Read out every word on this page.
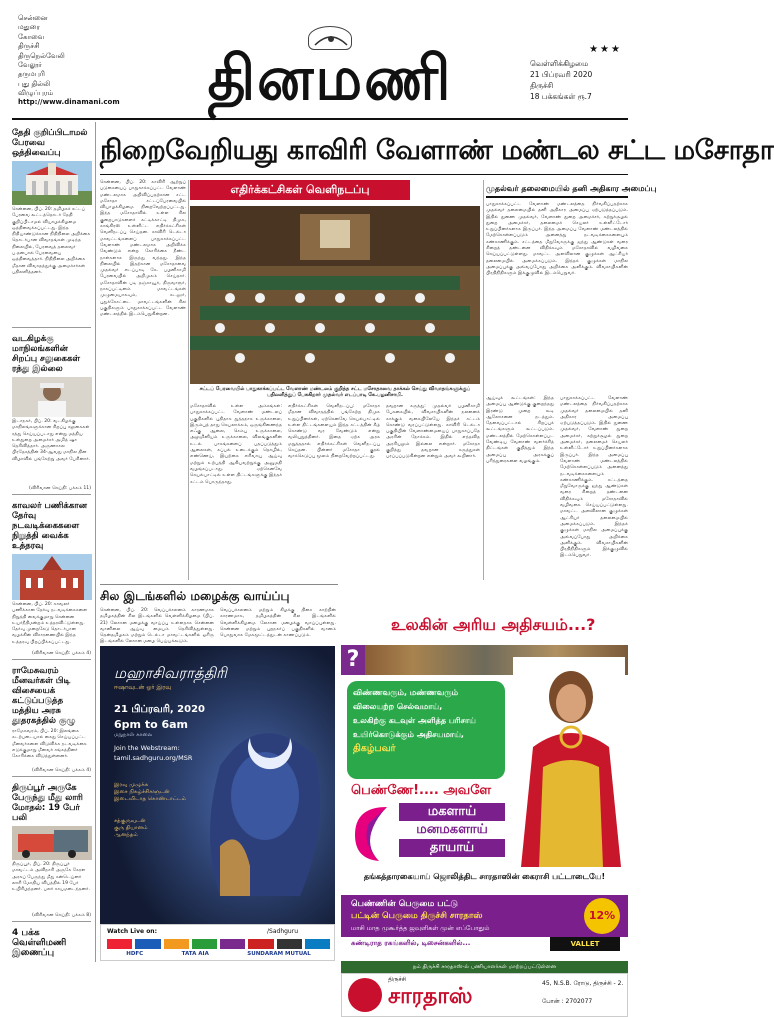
சென்னை
மதுரை
கோவை
திருச்சி
திருநெல்வேலி
வேலூர்
தருமபுரி
புது தில்லி
விழுப்புரம்
http://www.dinamani.com	தினமணி	★★★
வெள்ளிக்கிழமை
21 பிப்ரவரி 2020
திருச்சி
18 பக்கங்கள் ரூ.7
தேதி குறிப்பிடாமல் பேரவை ஒத்திவைப்பு
சென்னை, பிப். 20: தமிழகச் சட்டப் பேரவை கூட்டத்தொடர் தேதி குறிப்பிடாமல் வியாழக்கிழமை ஒத்திவைக்கப்பட்டது. இந்த நிதியாண்டுக்கான நிதிநிலை அறிக்கை தொடர்பான விவாதங்கள் முடிந்த நிலையில், பேரவைத் தலைவர் ப.தனபால் பேரவையை ஒத்திவைத்தார். நிதிநிலை அறிக்கை மீதான விவாதத்துக்கு அமைச்சர்கள் பதிலளித்தனர்.
வடகிழக்கு மாநிலங்களின் சிறப்பு சலுகைகள் ரத்து இல்லை
இடாநகர், பிப். 20: வடகிழக்கு மாநிலங்களுக்கான சிறப்பு சலுகைகள் ரத்து செய்யப்படாது என்று மத்திய உள்துறை அமைச்சர் அமித் ஷா தெரிவித்தார். அருணாசல பிரதேசத்தின் 34-ஆவது மாநில தின விழாவில் பங்கேற்று அவர் பேசினார்.
(விரிவான செய்தி: பக்கம் 11)
காவலர் பணிக்கான தேர்வு நடவடிக்கைகளை நிறுத்தி வைக்க உத்தரவு
சென்னை, பிப். 20: காவலர் பணிக்கான தேர்வு நடவடிக்கைகளை நிறுத்தி வைக்குமாறு சென்னை உயர்நீதிமன்றம் உத்தரவிட்டுள்ளது. தேர்வு முறைகேடு தொடர்பான வழக்கின் விசாரணையில் இந்த உத்தரவு பிறப்பிக்கப்பட்டது.
(விரிவான செய்தி: பக்கம் 4)
ராமேசுவரம் மீனவர்கள் பிடி விசையைக் கட்டுப்படுத்த மத்திய அரசு தூதரகத்தில் குழு
ராமேசுவரம், பிப். 20: இலங்கை கடற்படையால் கைது செய்யப்பட்ட மீனவர்களை விடுவிக்க நடவடிக்கை எடுக்குமாறு மீனவர் சங்கத்தினர் கோரிக்கை விடுத்துள்ளனர்.
(விரிவான செய்தி: பக்கம் 4)
திருப்பூர் அருகே பேருந்து மீது லாரி மோதல்: 19 பேர் பலி
திருப்பூர், பிப். 20: திருப்பூர் மாவட்டம் அவிநாசி அருகே கேரள அரசுப் பேருந்து மீது கன்டெய்னர் லாரி மோதிய விபத்தில் 19 பேர் உயிரிழந்தனர். பலர் காயமடைந்தனர்.
(விரிவான செய்தி: பக்கம் 8)
4 பக்க வெள்ளிமணி இணைப்பு
நிறைவேறியது காவிரி வேளாண் மண்டல சட்ட மசோதா
சென்னை, பிப். 20: காவிரி ஆற்றுப் படுகையைப் பாதுகாக்கப்பட்ட வேளாண் மண்டலமாக அறிவிப்பதற்கான சட்ட மசோதா சட்டப்பேரவையில் வியாழக்கிழமை நிறைவேற்றப்பட்டது. இந்த மசோதாவில் உள்ள சில குறைபாடுகளைச் சுட்டிக்காட்டி திமுக, காங்கிரஸ் உள்ளிட்ட எதிர்க்கட்சிகள் வெளிநடப்பு செய்தன. காவிரி டெல்டா மாவட்டங்களைப் பாதுகாக்கப்பட்ட வேளாண் மண்டலமாக அறிவிக்க வேண்டும் என்ற கோரிக்கை நீண்ட நாள்களாக இருந்து வந்தது. இந்த நிலையில் இதற்கான மசோதாவை முதல்வர் எடப்பாடி கே. பழனிசாமி பேரவையில் அறிமுகம் செய்தார். மசோதாவின் படி தஞ்சாவூர், திருவாரூர், நாகப்பட்டினம் மாவட்டங்கள் முழுமையாகவும், கடலூர், புதுக்கோட்டை மாவட்டங்களின் சில பகுதிகளும் பாதுகாக்கப்பட்ட வேளாண் மண்டலத்தில் இடம்பெறுகின்றன.
எதிர்க்கட்சிகள் வெளிநடப்பு
சட்டப் பேரவையில் பாதுகாக்கப்பட்ட வேளாண் மண்டலம் குறித்த சட்ட மசோதாவை தாக்கல் செய்து விவாதங்களுக்குப் பதிலளித்துப் பேசுகிறார் முதல்வர் எடப்பாடி கே.பழனிசாமி.
மசோதாவில் உள்ள அம்சங்கள்: பாதுகாக்கப்பட்ட வேளாண் மண்டலப் பகுதிகளில் புதிதாக துத்தநாக உருக்காலை, இரும்புத் தாது செயலாக்கம், ஒருங்கிணைந்த எஃகு ஆலை, செம்பு உருக்காலை, அலுமினியம் உருக்காலை, விலங்குகளின் உடல் பாகங்களைப் பதப்படுத்தும் ஆலைகள், கப்பல் உடைக்கும் தொழில், எண்ணெய், இயற்கை எரிவாயு ஆய்வு மற்றும் உற்பத்தி ஆகியவற்றுக்கு அனுமதி வழங்கப்படாது. ஏற்கெனவே செயல்பாட்டில் உள்ள திட்டங்களுக்கு இந்தச் சட்டம் பொருந்தாது.
எதிர்க்கட்சிகள் வெளிநடப்பு: மசோதா மீதான விவாதத்தில் பங்கேற்ற திமுக உறுப்பினர்கள், ஏற்கெனவே செயல்பாட்டில் உள்ள திட்டங்களையும் இந்த சட்டத்தின் கீழ் கொண்டு வர வேண்டும் என்று வலியுறுத்தினர். இதை ஏற்க அரசு மறுத்ததால் எதிர்க்கட்சிகள் வெளிநடப்பு செய்தன. பின்னர் மசோதா குரல் வாக்கெடுப்பு மூலம் நிறைவேற்றப்பட்டது.
தவறான கருத்து: முதல்வர் பழனிசாமி பேசுகையில், விவசாயிகளின் நலனைக் காக்கும் வகையிலேயே இந்தச் சட்டம் கொண்டு வரப்பட்டுள்ளது. காவிரி டெல்டா பகுதியின் வேளாண்மையைப் பாதுகாப்பதே அரசின் நோக்கம். இதில் எந்தவித அரசியலும் இல்லை என்றார். மசோதா குறித்து தவறான கருத்துகள் பரப்பப்படுகின்றன என்றும் அவர் கூறினார்.
முதல்வர் தலைமையில் தனி அதிகார அமைப்பு
பாதுகாக்கப்பட்ட வேளாண் மண்டலத்தை நிர்வகிப்பதற்காக முதல்வர் தலைமையில் தனி அதிகார அமைப்பு ஏற்படுத்தப்படும். இதில் துணை முதல்வர், வேளாண் துறை அமைச்சர், சுற்றுச்சூழல் துறை அமைச்சர், தலைமைச் செயலர் உள்ளிட்டோர் உறுப்பினர்களாக இருப்பர். இந்த அமைப்பு வேளாண் மண்டலத்தில் மேற்கொள்ளப்படும் அனைத்து நடவடிக்கைகளையும் கண்காணிக்கும். சட்டத்தை மீறுவோருக்கு ஐந்து ஆண்டுகள் வரை சிறைத் தண்டனை விதிக்கவும் மசோதாவில் வழிவகை செய்யப்பட்டுள்ளது. மாவட்ட அளவிலான குழுக்கள் ஆட்சியர் தலைமையில் அமைக்கப்படும். இந்தக் குழுக்கள் மாநில அமைப்புக்கு அவ்வப்போது அறிக்கை அளிக்கும். விவசாயிகளின் பிரதிநிதிகளும் இக்குழுவில் இடம்பெறுவர்.
ஆய்வுக் கூட்டங்கள்: இந்த அமைப்பு ஆண்டுக்கு குறைந்தது இரண்டு முறை கூடி ஆலோசனை நடத்தும். தேவைப்பட்டால் சிறப்புக் கூட்டங்களும் கூட்டப்படும். மண்டலத்தில் மேற்கொள்ளப்பட வேண்டிய வேளாண் வளர்ச்சித் திட்டங்கள் குறித்தும் இந்த அமைப்பு அரசுக்குப் பரிந்துரைகளை வழங்கும்.
பாதுகாக்கப்பட்ட வேளாண் மண்டலத்தை நிர்வகிப்பதற்காக முதல்வர் தலைமையில் தனி அதிகார அமைப்பு ஏற்படுத்தப்படும். இதில் துணை முதல்வர், வேளாண் துறை அமைச்சர், சுற்றுச்சூழல் துறை அமைச்சர், தலைமைச் செயலர் உள்ளிட்டோர் உறுப்பினர்களாக இருப்பர். இந்த அமைப்பு வேளாண் மண்டலத்தில் மேற்கொள்ளப்படும் அனைத்து நடவடிக்கைகளையும் கண்காணிக்கும். சட்டத்தை மீறுவோருக்கு ஐந்து ஆண்டுகள் வரை சிறைத் தண்டனை விதிக்கவும் மசோதாவில் வழிவகை செய்யப்பட்டுள்ளது. மாவட்ட அளவிலான குழுக்கள் ஆட்சியர் தலைமையில் அமைக்கப்படும். இந்தக் குழுக்கள் மாநில அமைப்புக்கு அவ்வப்போது அறிக்கை அளிக்கும். விவசாயிகளின் பிரதிநிதிகளும் இக்குழுவில் இடம்பெறுவர்.
சில இடங்களில் மழைக்கு வாய்ப்பு
சென்னை, பிப். 20: வெப்பச்சலனம் காரணமாக தமிழகத்தின் சில இடங்களில் வெள்ளிக்கிழமை (பிப். 21) லேசான மழைக்கு வாய்ப்பு உள்ளதாக சென்னை வானிலை ஆய்வு மையம் தெரிவித்துள்ளது. தென்தமிழகம் மற்றும் டெல்டா மாவட்டங்களில் ஓரிரு இடங்களில் லேசான மழை பெய்யக்கூடும்.
வெப்பச்சலனம் மற்றும் கிழக்கு திசை காற்றின் காரணமாக, தமிழகத்தின் சில இடங்களில் வெள்ளிக்கிழமை லேசான மழைக்கு வாய்ப்புள்ளது. சென்னை மற்றும் புறநகர்ப் பகுதிகளில் வானம் பொதுவாக மேகமூட்டத்துடன் காணப்படும்.
மஹாசிவராத்திரி
ஈஷாவுடன் ஓர் இரவு
21 பிப்ரவரி, 2020
6pm to 6am
மறுநாள் காலை
Join the Webstream:
tamil.sadhguru.org/MSR
இரவு முழுக்க
இசை நிகழ்ச்சிகளுடன்
இடைவிடாத கொண்டாட்டம்
சத்குருவுடன்
குரு தியானம்
ஆனந்தம்
Watch Live on:	/Sadhguru
HDFC	TATA AIA	SUNDARAM MUTUAL
உலகின் அரிய அதிசயம்...?
?
விண்ணவரும், மண்ணவரும்
விலையற்ற செல்வமாய்,
உலகிற்கு கடவுள் அளித்த பரிசாய்
உயிர்கொடுக்கும் அதிசயமாய்,
திகழ்பவர்
பெண்ணே!.... அவளே
மகளாய்
மனமகளாய்
தாயாய்
தங்கத்தாரகையாய் ஜொலித்திட சாரதாஸின் கைராசி பட்டாடையே!
பெண்ணின் பெருமை பட்டு
பட்டின் பெருமை திருச்சி சாரதாஸ்
மாசி மாத முகூர்த்த ஜவுளிகள் முன் எப்போதும்
12%
கண்டிராத ரகங்களில், டிசைன்களில்...	VALLET
நம் திருச்சி சாரதாஸ்-ல் பணியாளர்கள் மாற்றப்பட்டுள்ளன
திருச்சி
சாரதாஸ்
45, N.S.B. ரோடு, திருச்சி - 2.
போன் : 2702077
